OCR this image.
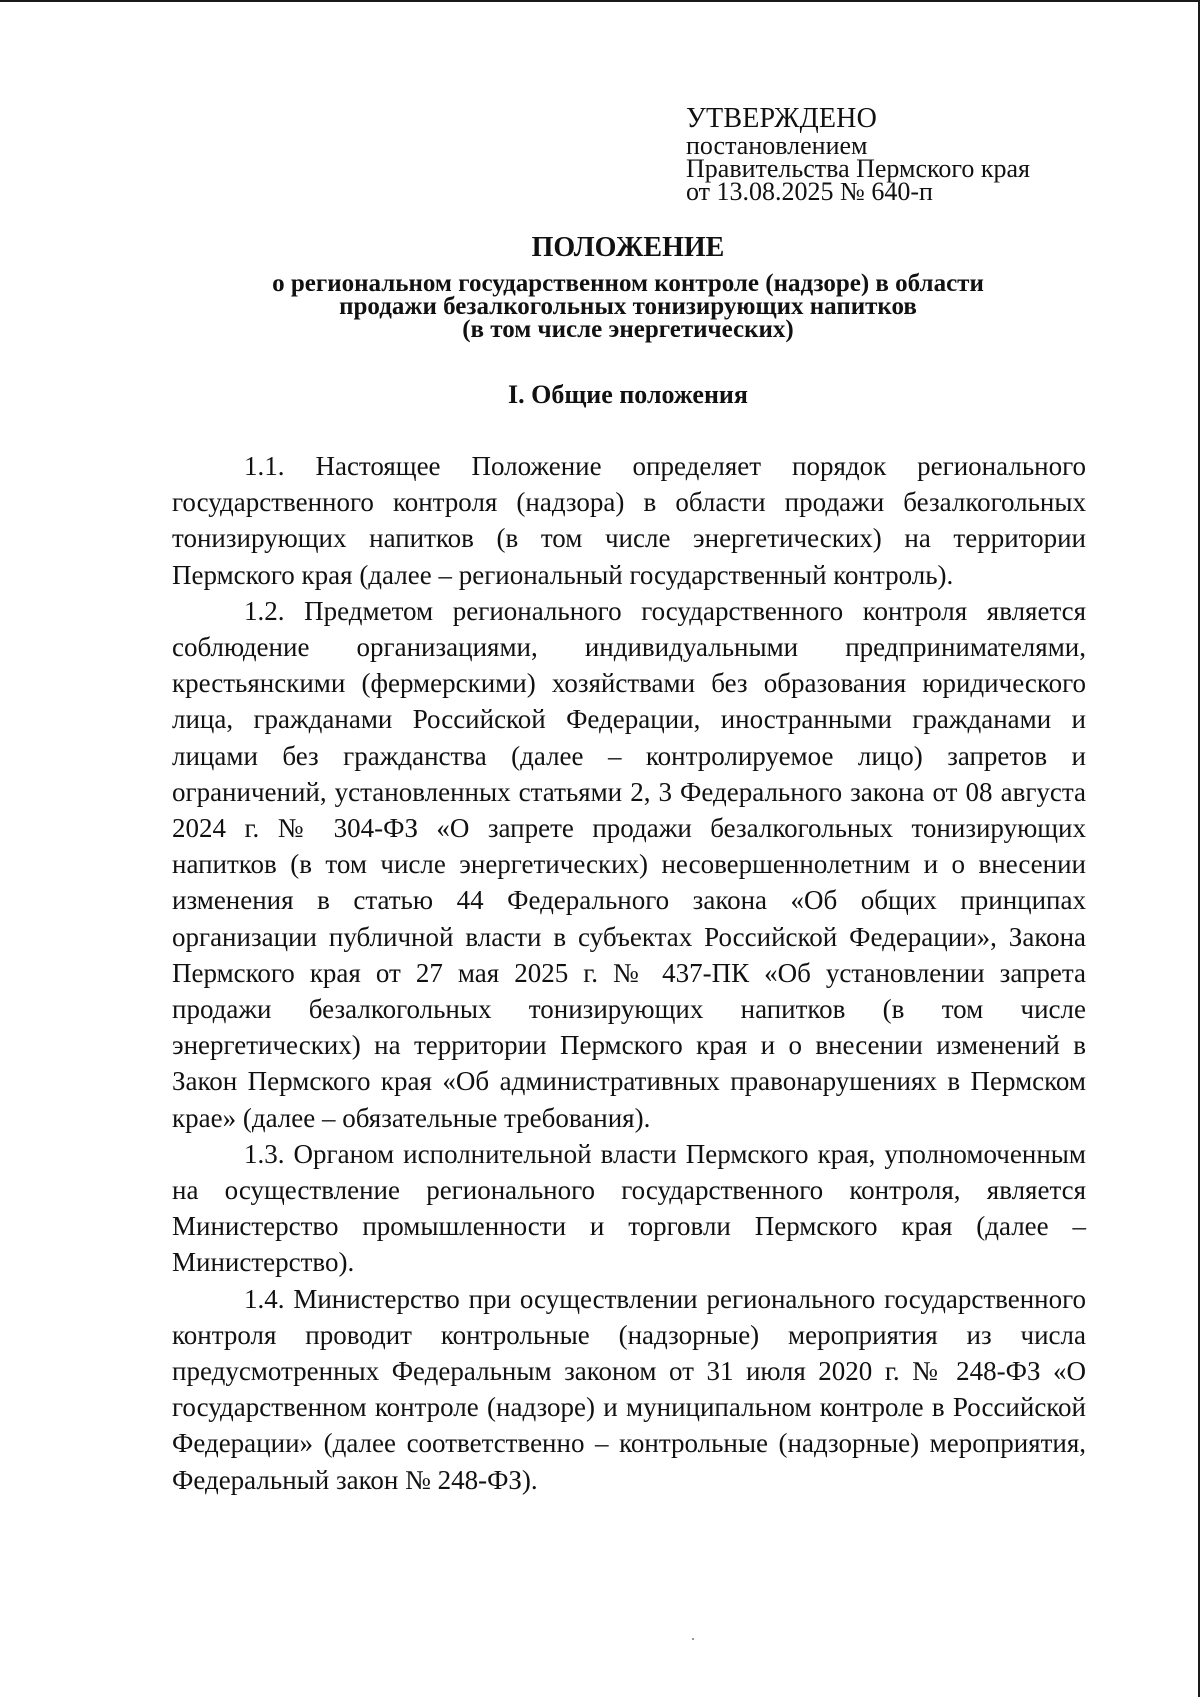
УТВЕРЖДЕНО
постановлением
Правительства Пермского края
от 13.08.2025 № 640-п
ПОЛОЖЕНИЕ
о региональном государственном контроле (надзоре) в области
продажи безалкогольных тонизирующих напитков
(в том числе энергетических)
I. Общие положения

1.1. Настоящее Положение определяет порядок регионального государственного контроля (надзора) в области продажи безалкогольных тонизирующих напитков (в том числе энергетических) на территории Пермского края (далее – региональный государственный контроль).

1.2. Предметом регионального государственного контроля является соблюдение организациями, индивидуальными предпринимателями, крестьянскими (фермерскими) хозяйствами без образования юридического лица, гражданами Российской Федерации, иностранными гражданами и лицами без гражданства (далее – контролируемое лицо) запретов и ограничений, установленных статьями 2, 3 Федерального закона от 08 августа 2024 г. № 304-ФЗ «О запрете продажи безалкогольных тонизирующих напитков (в том числе энергетических) несовершеннолетним и о внесении изменения в статью 44 Федерального закона «Об общих принципах организации публичной власти в субъектах Российской Федерации», Закона Пермского края от 27 мая 2025 г. № 437-ПК «Об установлении запрета продажи безалкогольных тонизирующих напитков (в том числе энергетических) на территории Пермского края и о внесении изменений в Закон Пермского края «Об административных правонарушениях в Пермском крае» (далее – обязательные требования).

1.3. Органом исполнительной власти Пермского края, уполномоченным на осуществление регионального государственного контроля, является Министерство промышленности и торговли Пермского края (далее – Министерство).

1.4. Министерство при осуществлении регионального государственного контроля проводит контрольные (надзорные) мероприятия из числа предусмотренных Федеральным законом от 31 июля 2020 г. № 248-ФЗ «О государственном контроле (надзоре) и муниципальном контроле в Российской Федерации» (далее соответственно – контрольные (надзорные) мероприятия, Федеральный закон № 248-ФЗ).
